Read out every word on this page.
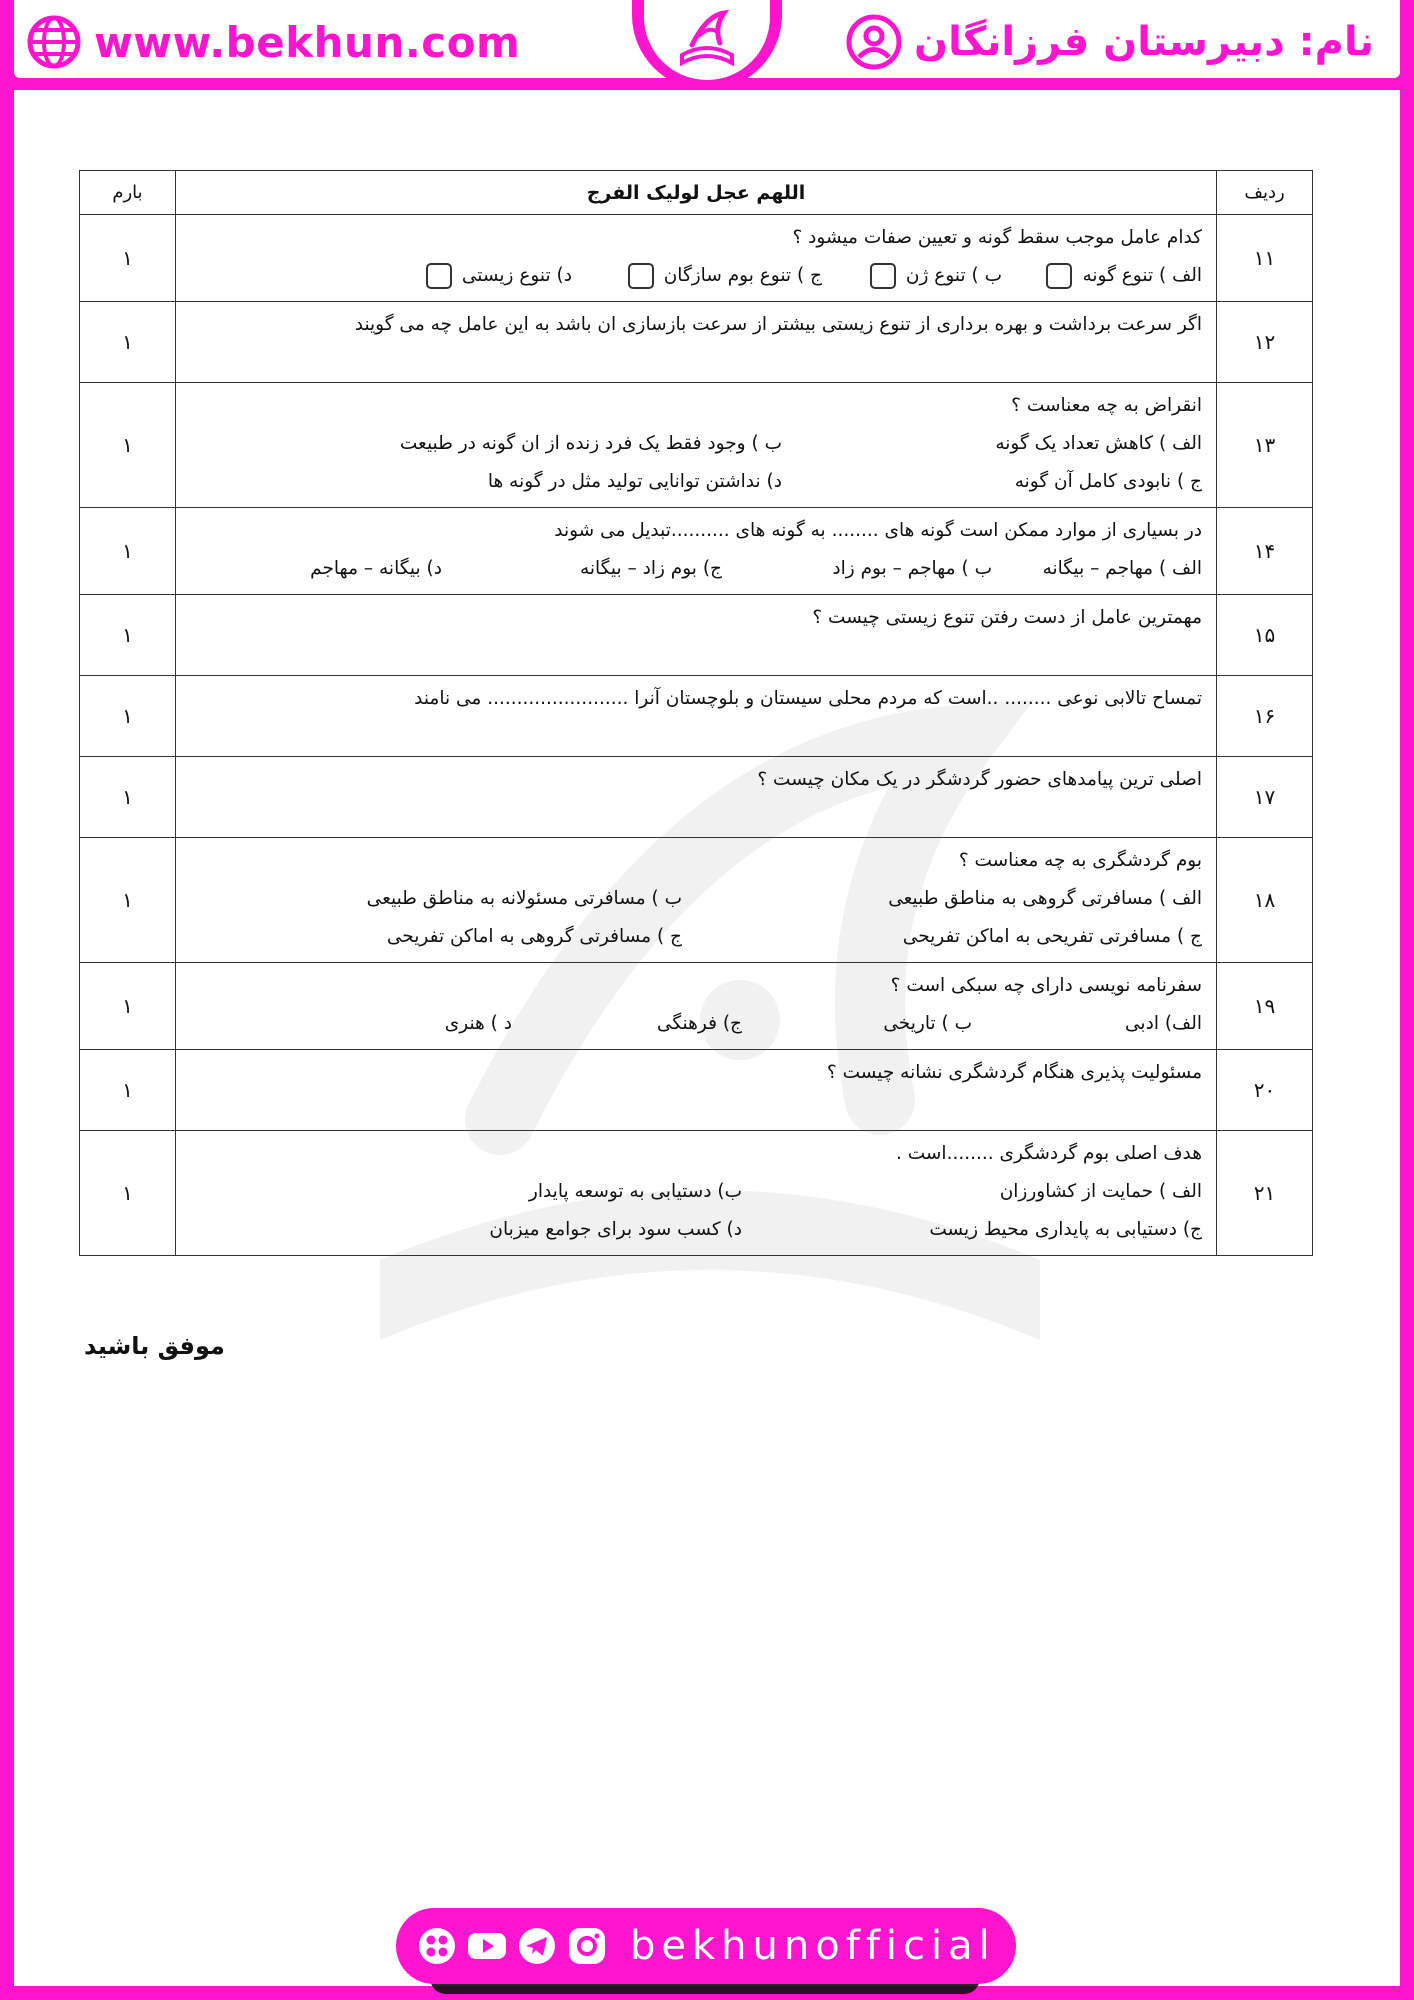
نام: دبیرستان فرزانگان
www.bekhun.com
ردیف	اللهم عجل لولیک الفرج	بارم
۱۱	کدام عامل موجب سقط گونه و تعیین صفات میشود ؟
الف ) تنوع گونه
ب ) تنوع ژن
ج ) تنوع بوم سازگان
د) تنوع زیستی	۱
۱۲	اگر سرعت برداشت و بهره برداری از تنوع زیستی بیشتر از سرعت بازسازی ان باشد به این عامل چه می گویند	۱
۱۳	انقراض به چه معناست ؟
الف ) کاهش تعداد یک گونه
ب ) وجود فقط یک فرد زنده از ان گونه در طبیعت
ج ) نابودی کامل آن گونه
د) نداشتن توانایی تولید مثل در گونه ها	۱
۱۴	در بسیاری از موارد ممکن است گونه های ........ به گونه های ..........تبدیل می شوند
الف ) مهاجم – بیگانه
ب ) مهاجم – بوم زاد
ج) بوم زاد – بیگانه
د) بیگانه – مهاجم	۱
۱۵	مهمترین عامل از دست رفتن تنوع زیستی چیست ؟	۱
۱۶	تمساح تالابی نوعی ........ ..است که مردم محلی سیستان و بلوچستان آنرا ........................ می نامند	۱
۱۷	اصلی ترین پیامدهای حضور گردشگر در یک مکان چیست ؟	۱
۱۸	بوم گردشگری به چه معناست ؟
الف ) مسافرتی گروهی به مناطق طبیعی
ب ) مسافرتی مسئولانه به مناطق طبیعی
ج ) مسافرتی تفریحی به اماکن تفریحی
ج ) مسافرتی گروهی به اماکن تفریحی	۱
۱۹	سفرنامه نویسی دارای چه سبکی است ؟
الف) ادبی
ب ) تاریخی
ج) فرهنگی
د ) هنری	۱
۲۰	مسئولیت پذیری هنگام گردشگری نشانه چیست ؟	۱
۲۱	هدف اصلی بوم گردشگری ........است .
الف ) حمایت از کشاورزان
ب) دستیابی به توسعه پایدار
ج) دستیابی به پایداری محیط زیست
د) کسب سود برای جوامع میزبان	۱
موفق باشید
bekhunofficial
